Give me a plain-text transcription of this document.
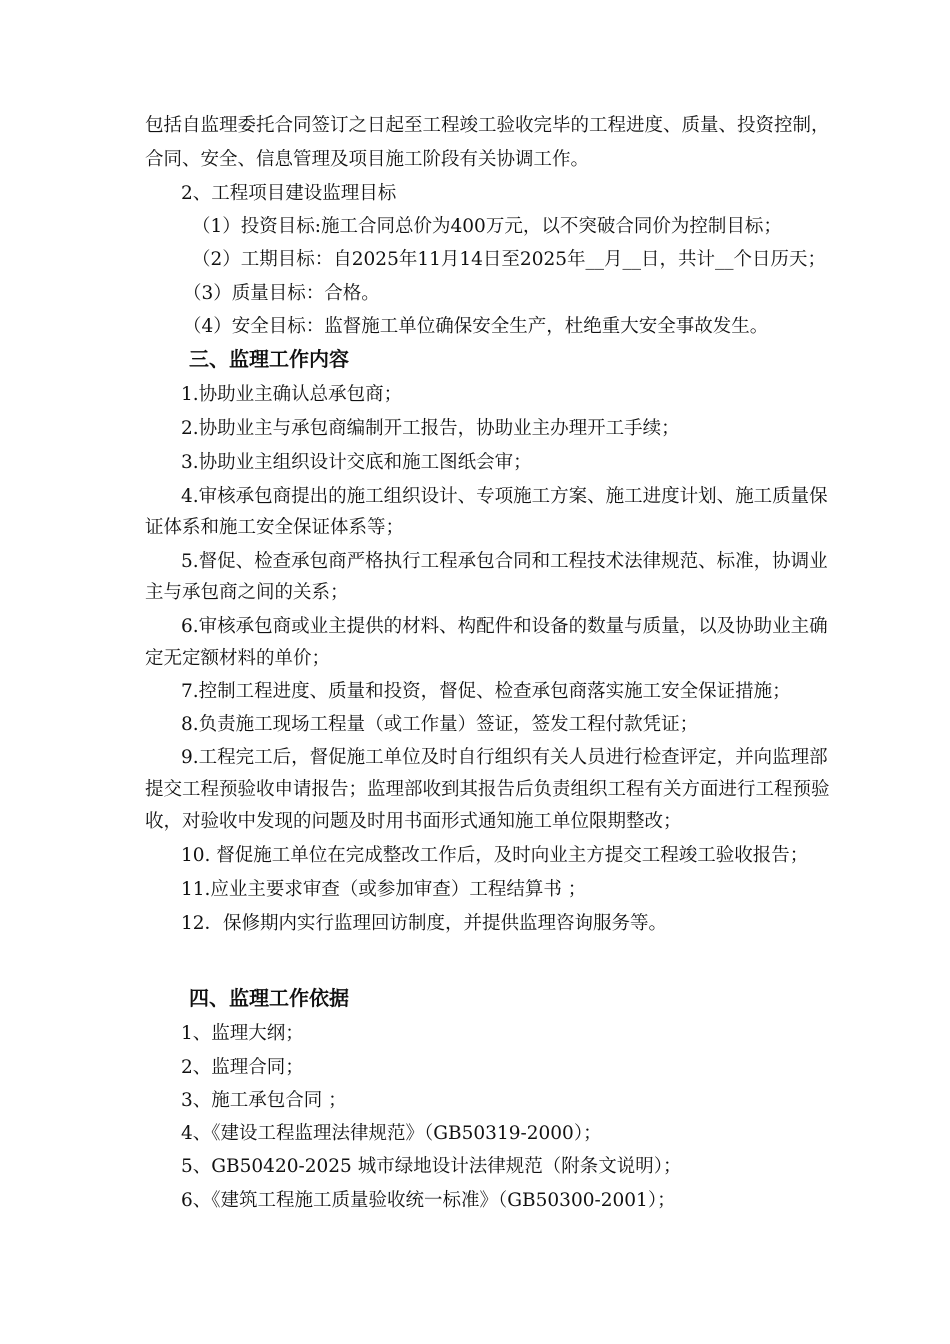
包括自监理委托合同签订之日起至工程竣工验收完毕的工程进度、质量、投资控制，
合同、安全、信息管理及项目施工阶段有关协调工作。
2、工程项目建设监理目标
（1）投资目标:施工合同总价为400万元，以不突破合同价为控制目标；
（2）工期目标：自2025年11月14日至2025年__月__日，共计__个日历天；
（3）质量目标：合格。
（4）安全目标：监督施工单位确保安全生产，杜绝重大安全事故发生。
三、监理工作内容
1.协助业主确认总承包商；
2.协助业主与承包商编制开工报告，协助业主办理开工手续；
3.协助业主组织设计交底和施工图纸会审；
4.审核承包商提出的施工组织设计、专项施工方案、施工进度计划、施工质量保
证体系和施工安全保证体系等；
5.督促、检查承包商严格执行工程承包合同和工程技术法律规范、标准，协调业
主与承包商之间的关系；
6.审核承包商或业主提供的材料、构配件和设备的数量与质量，以及协助业主确
定无定额材料的单价；
7.控制工程进度、质量和投资，督促、检查承包商落实施工安全保证措施；
8.负责施工现场工程量（或工作量）签证，签发工程付款凭证；
9.工程完工后，督促施工单位及时自行组织有关人员进行检查评定，并向监理部
提交工程预验收申请报告；监理部收到其报告后负责组织工程有关方面进行工程预验
收，对验收中发现的问题及时用书面形式通知施工单位限期整改；
10. 督促施工单位在完成整改工作后，及时向业主方提交工程竣工验收报告；
11.应业主要求审查（或参加审查）工程结算书 ；
12．保修期内实行监理回访制度，并提供监理咨询服务等。
四、监理工作依据
1、监理大纲；
2、监理合同；
3、施工承包合同 ；
4、《建设工程监理法律规范》（GB50319-2000）；
5、GB50420-2025 城市绿地设计法律规范（附条文说明）；
6、《建筑工程施工质量验收统一标准》（GB50300-2001）；
